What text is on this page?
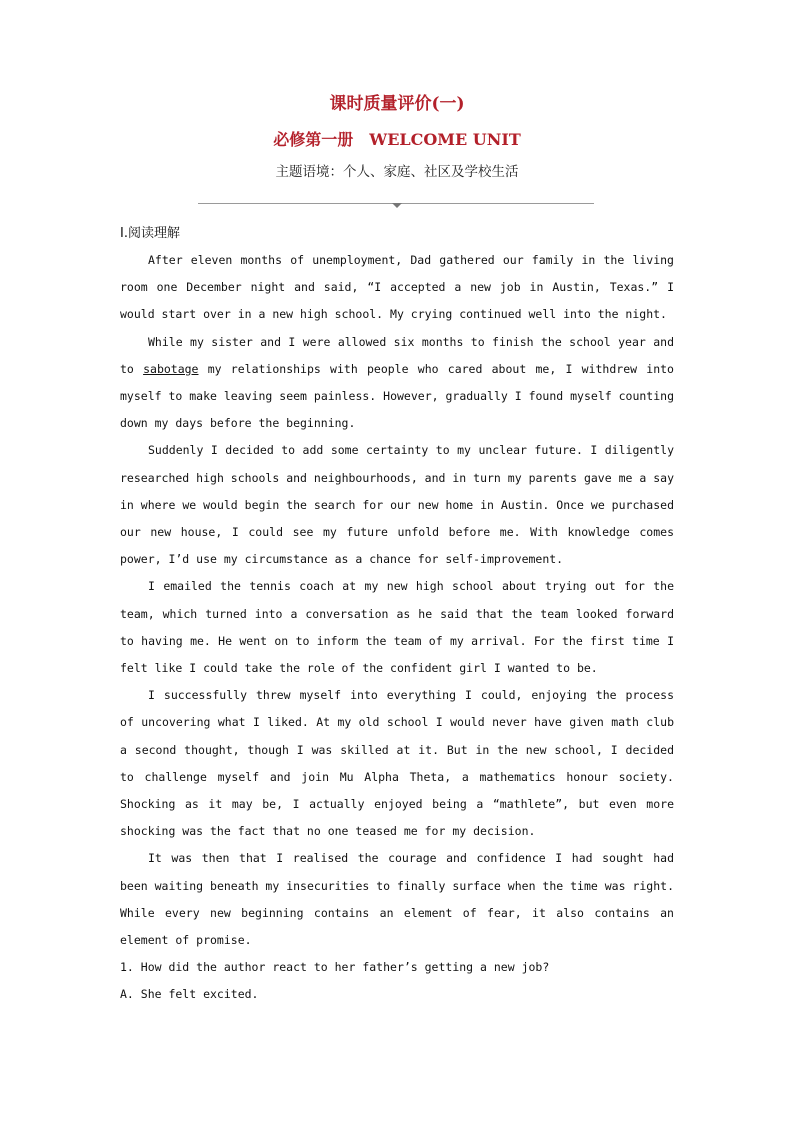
课时质量评价(一)

必修第一册　WELCOME UNIT

主题语境：个人、家庭、社区及学校生活

Ⅰ.阅读理解

After eleven months of unemployment, Dad gathered our family in the living room one December night and said, “I accepted a new job in Austin, Texas.” I would start over in a new high school. My crying continued well into the night.

While my sister and I were allowed six months to finish the school year and to sabotage my relationships with people who cared about me, I withdrew into myself to make leaving seem painless. However, gradually I found myself counting down my days before the beginning.

Suddenly I decided to add some certainty to my unclear future. I diligently researched high schools and neighbourhoods, and in turn my parents gave me a say in where we would begin the search for our new home in Austin. Once we purchased our new house, I could see my future unfold before me. With knowledge comes power, I’d use my circumstance as a chance for self-improvement.

I emailed the tennis coach at my new high school about trying out for the team, which turned into a conversation as he said that the team looked forward to having me. He went on to inform the team of my arrival. For the first time I felt like I could take the role of the confident girl I wanted to be.

I successfully threw myself into everything I could, enjoying the process of uncovering what I liked. At my old school I would never have given math club a second thought, though I was skilled at it. But in the new school, I decided to challenge myself and join Mu Alpha Theta, a mathematics honour society. Shocking as it may be, I actually enjoyed being a “mathlete”, but even more shocking was the fact that no one teased me for my decision.

It was then that I realised the courage and confidence I had sought had been waiting beneath my insecurities to finally surface when the time was right. While every new beginning contains an element of fear, it also contains an element of promise.

1. How did the author react to her father’s getting a new job?

A. She felt excited.
